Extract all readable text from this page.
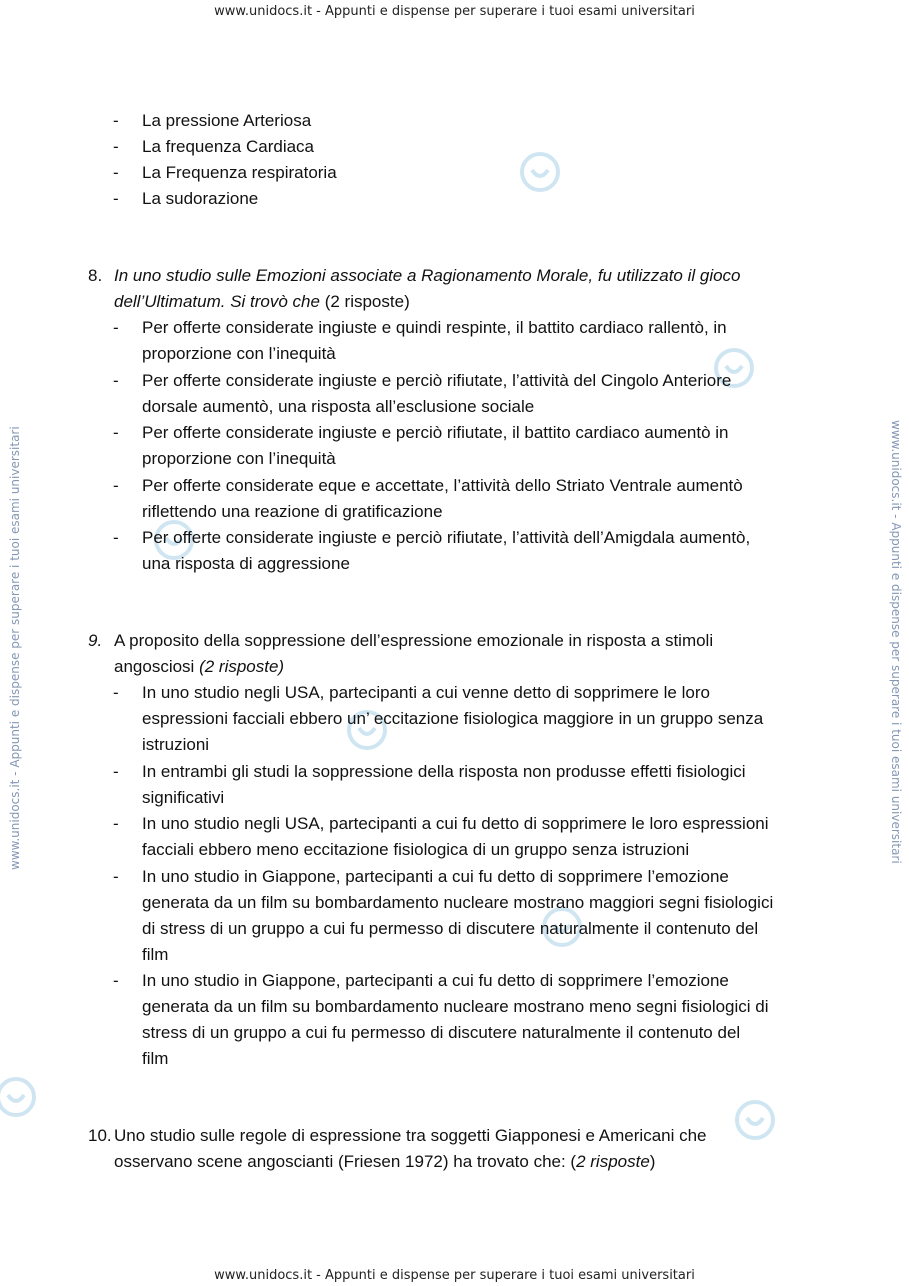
www.unidocs.it - Appunti e dispense per superare i tuoi esami universitari
www.unidocs.it - Appunti e dispense per superare i tuoi esami universitari
www.unidocs.it - Appunti e dispense per superare i tuoi esami universitari	www.unidocs.it - Appunti e dispense per superare i tuoi esami universitari
- La pressione Arteriosa
- La frequenza Cardiaca
- La Frequenza respiratoria
- La sudorazione
8. In uno studio sulle Emozioni associate a Ragionamento Morale, fu utilizzato il gioco
dell’Ultimatum. Si trovò che (2 risposte)
- Per offerte considerate ingiuste e quindi respinte, il battito cardiaco rallentò, in
proporzione con l’inequità
- Per offerte considerate ingiuste e perciò rifiutate, l’attività del Cingolo Anteriore
dorsale aumentò, una risposta all’esclusione sociale
- Per offerte considerate ingiuste e perciò rifiutate, il battito cardiaco aumentò in
proporzione con l’inequità
- Per offerte considerate eque e accettate, l’attività dello Striato Ventrale aumentò
riflettendo una reazione di gratificazione
- Per offerte considerate ingiuste e perciò rifiutate, l’attività dell’Amigdala aumentò,
una risposta di aggressione
9. A proposito della soppressione dell’espressione emozionale in risposta a stimoli
angosciosi (2 risposte)
- In uno studio negli USA, partecipanti a cui venne detto di sopprimere le loro
espressioni facciali ebbero un’ eccitazione fisiologica maggiore in un gruppo senza
istruzioni
- In entrambi gli studi la soppressione della risposta non produsse effetti fisiologici
significativi
- In uno studio negli USA, partecipanti a cui fu detto di sopprimere le loro espressioni
facciali ebbero meno eccitazione fisiologica di un gruppo senza istruzioni
- In uno studio in Giappone, partecipanti a cui fu detto di sopprimere l’emozione
generata da un film su bombardamento nucleare mostrano maggiori segni fisiologici
di stress di un gruppo a cui fu permesso di discutere naturalmente il contenuto del
film
- In uno studio in Giappone, partecipanti a cui fu detto di sopprimere l’emozione
generata da un film su bombardamento nucleare mostrano meno segni fisiologici di
stress di un gruppo a cui fu permesso di discutere naturalmente il contenuto del
film
10. Uno studio sulle regole di espressione tra soggetti Giapponesi e Americani che
osservano scene angoscianti (Friesen 1972) ha trovato che: (2 risposte)
